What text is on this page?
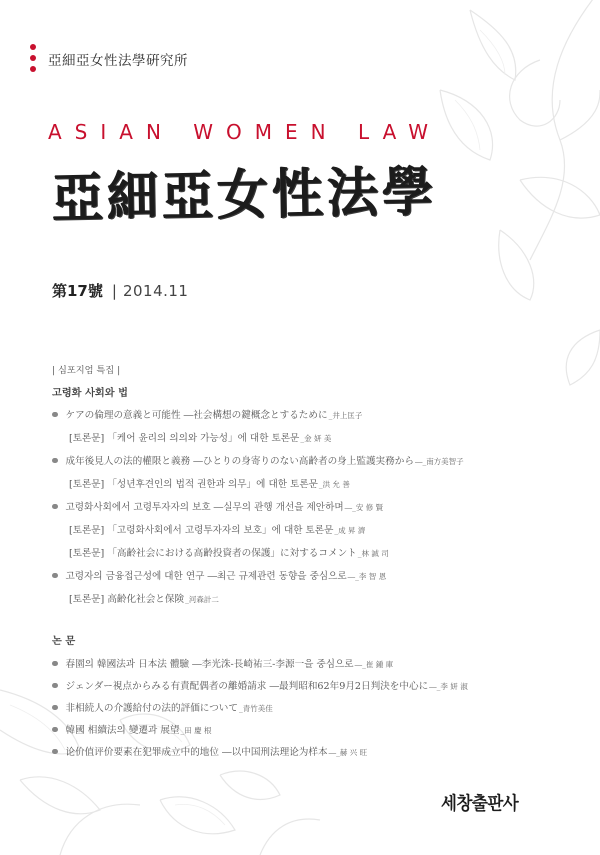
亞細亞女性法學硏究所
ASIAN WOMEN LAW
亞細亞女性法學
第17號 | 2014.11
| 심포지엄 특집 |
고령화 사회와 법
ケアの倫理の意義と可能性 ―社会構想の鍵概念とするために_井上匡子
[토론문] 「케어 윤리의 의의와 가능성」에 대한 토론문_金 妍 美
成年後見人の法的權限と義務 ―ひとりの身寄りのない高齢者の身上監護実務から―_南方美智子
[토론문] 「성년후견인의 법적 권한과 의무」에 대한 토론문_洪 允 善
고령화사회에서 고령투자자의 보호 ―실무의 관행 개선을 제안하며―_安 修 賢
[토론문] 「고령화사회에서 고령투자자의 보호」에 대한 토론문_成 昇 濟
[토론문] 「高齢社会における高齢投資者の保護」に対するコメント_林 誠 司
고령자의 금융접근성에 대한 연구 ―최근 규제관련 동향을 중심으로―_李 智 恩
[토론문] 高齢化社会と保険_河森計二
논 문
春園의 韓國法과 日本法 體驗 ―李光洙-長崎祐三-李源一을 중심으로―_崔 鍾 庫
ジェンダー視点からみる有責配偶者の離婚請求 ―最判昭和62年9月2日判決を中心に―_李 妍 淑
非相続人の介護給付の法的評価について_青竹美佳
韓國 相續法의 變遷과 展望_田 慶 根
论价值评价要素在犯罪成立中的地位 ―以中国刑法理论为样本―_赫 兴 旺
세창출판사
